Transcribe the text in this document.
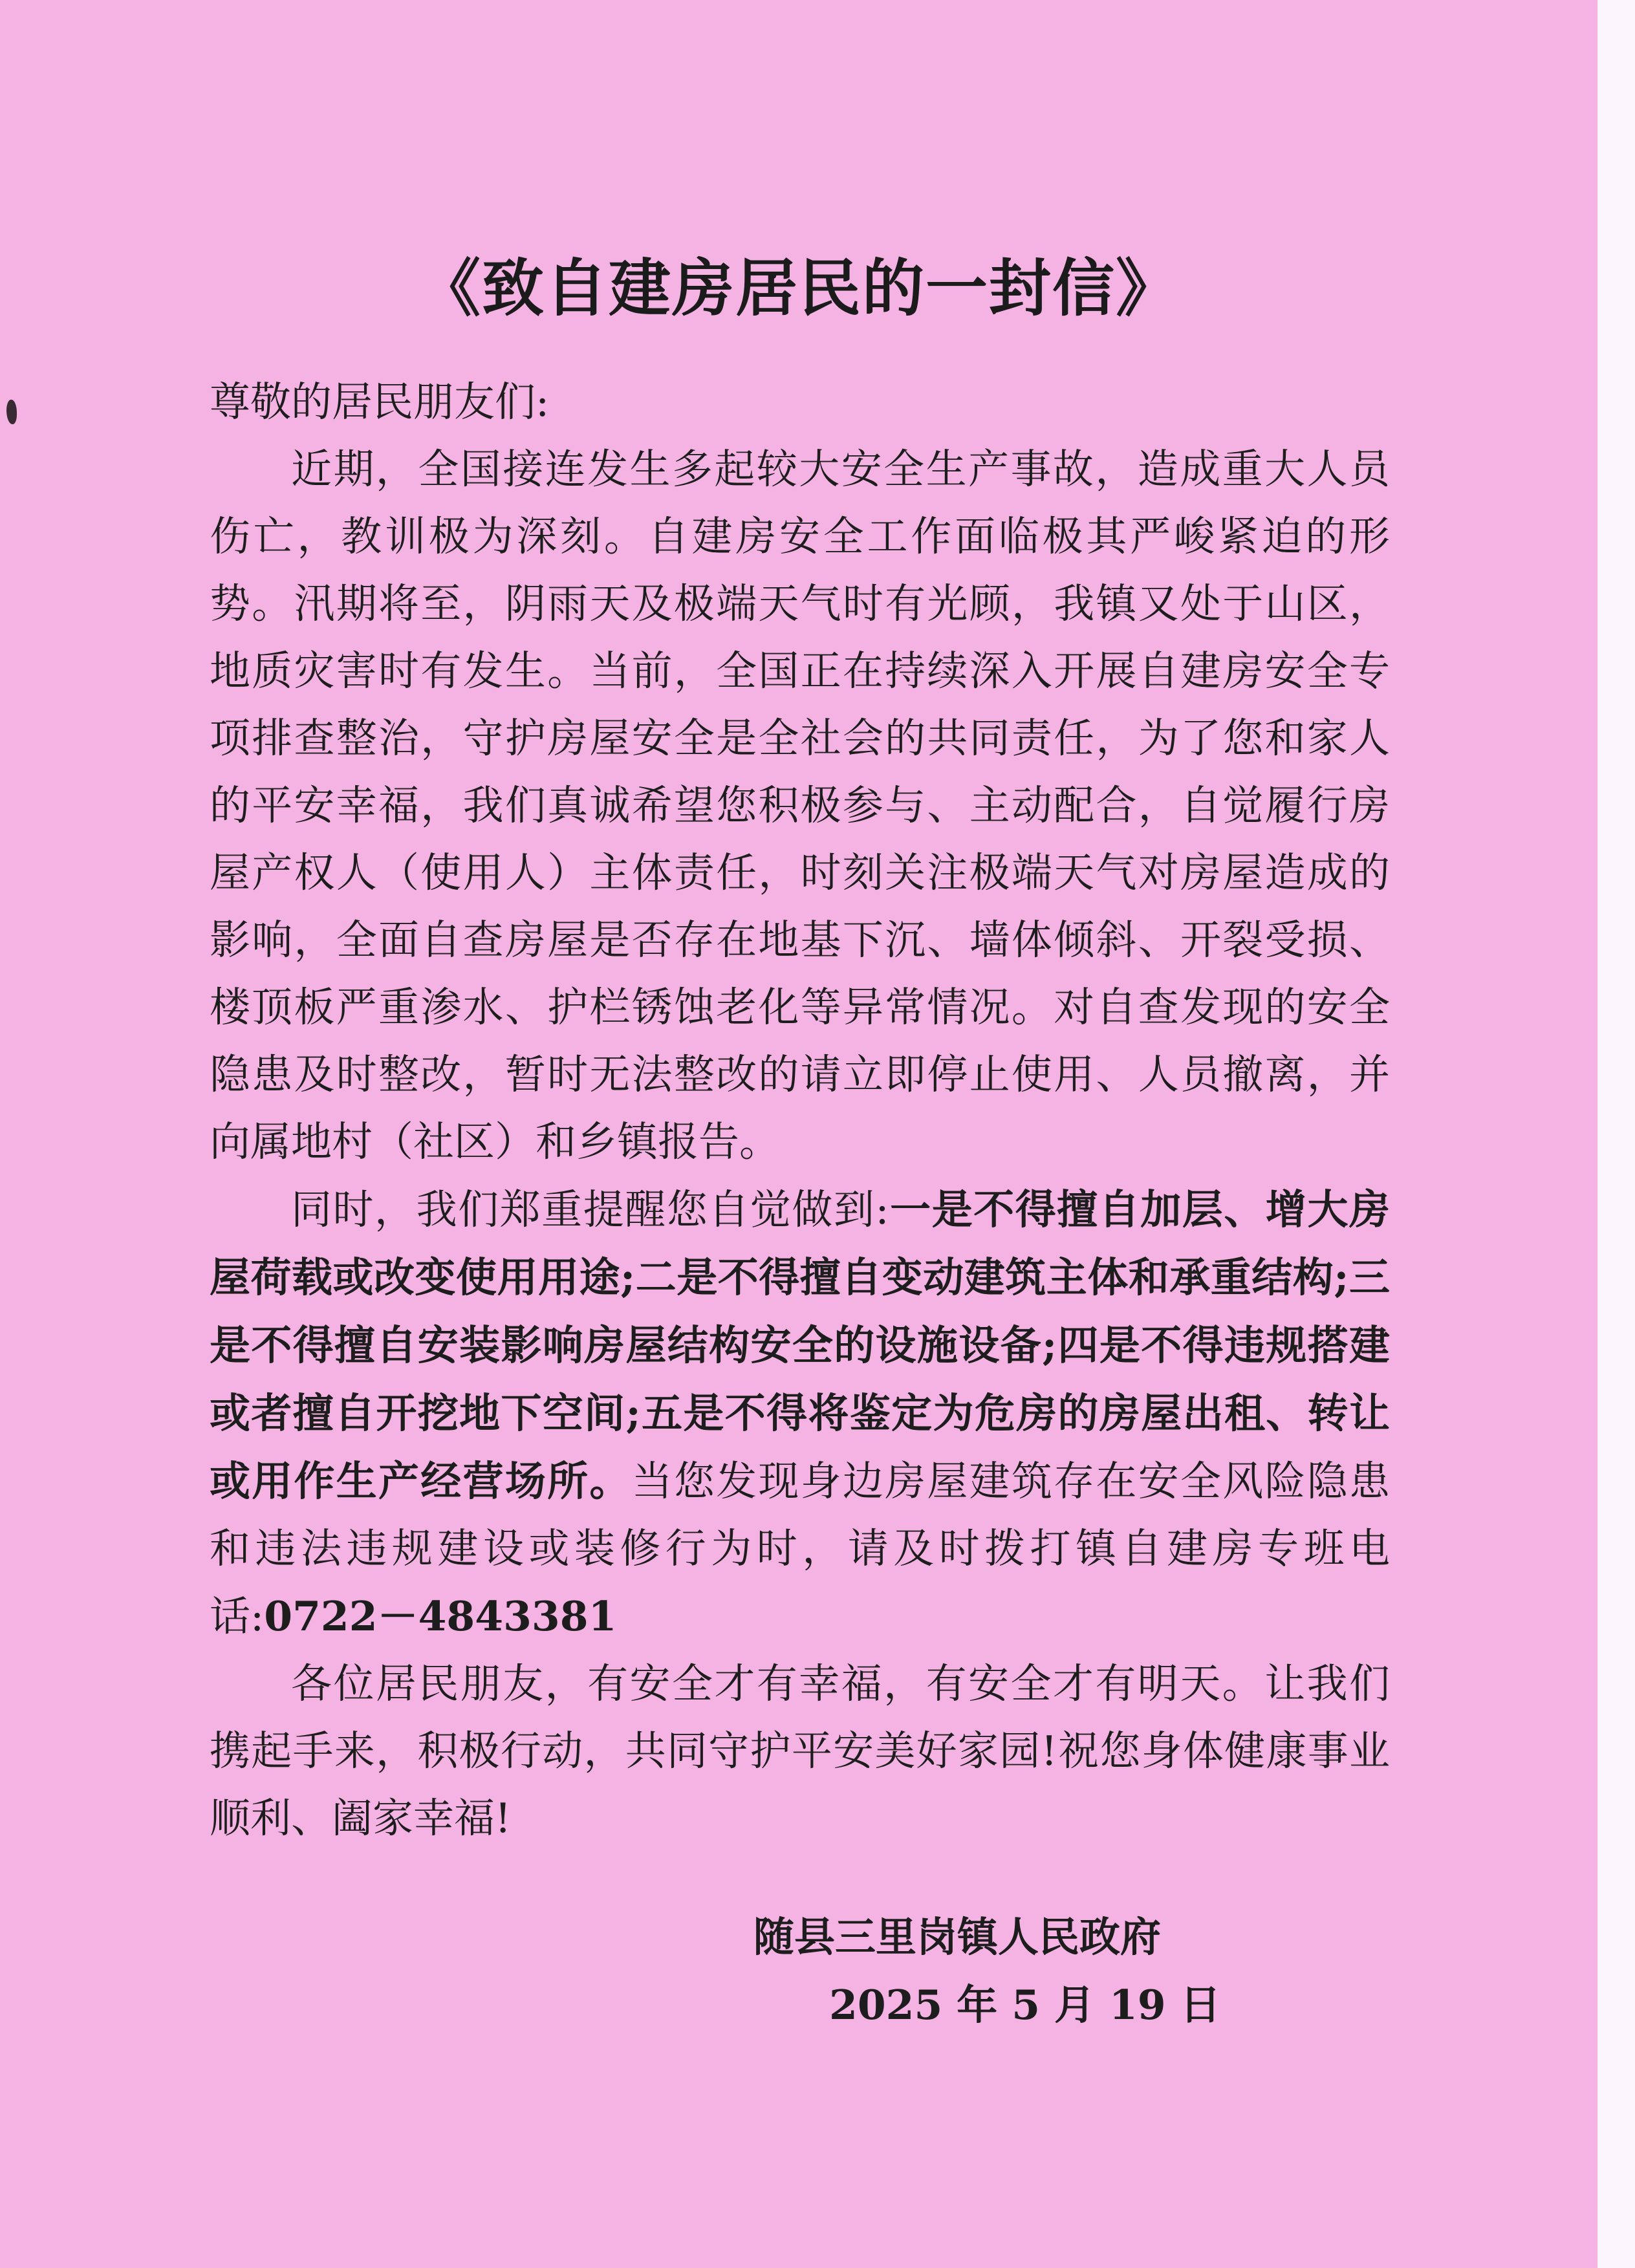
《致自建房居民的一封信》

尊敬的居民朋友们:

近期，全国接连发生多起较大安全生产事故，造成重大人员伤亡，教训极为深刻。自建房安全工作面临极其严峻紧迫的形势。汛期将至，阴雨天及极端天气时有光顾，我镇又处于山区，地质灾害时有发生。当前，全国正在持续深入开展自建房安全专项排查整治，守护房屋安全是全社会的共同责任，为了您和家人的平安幸福，我们真诚希望您积极参与、主动配合，自觉履行房屋产权人（使用人）主体责任，时刻关注极端天气对房屋造成的影响，全面自查房屋是否存在地基下沉、墙体倾斜、开裂受损、楼顶板严重渗水、护栏锈蚀老化等异常情况。对自查发现的安全隐患及时整改，暂时无法整改的请立即停止使用、人员撤离，并向属地村（社区）和乡镇报告。

同时，我们郑重提醒您自觉做到:一是不得擅自加层、增大房屋荷载或改变使用用途;二是不得擅自变动建筑主体和承重结构;三是不得擅自安装影响房屋结构安全的设施设备;四是不得违规搭建或者擅自开挖地下空间;五是不得将鉴定为危房的房屋出租、转让或用作生产经营场所。当您发现身边房屋建筑存在安全风险隐患和违法违规建设或装修行为时，请及时拨打镇自建房专班电话:0722－4843381

各位居民朋友，有安全才有幸福，有安全才有明天。让我们携起手来，积极行动，共同守护平安美好家园!祝您身体健康事业顺利、阖家幸福!

随县三里岗镇人民政府
2025 年 5 月 19 日
